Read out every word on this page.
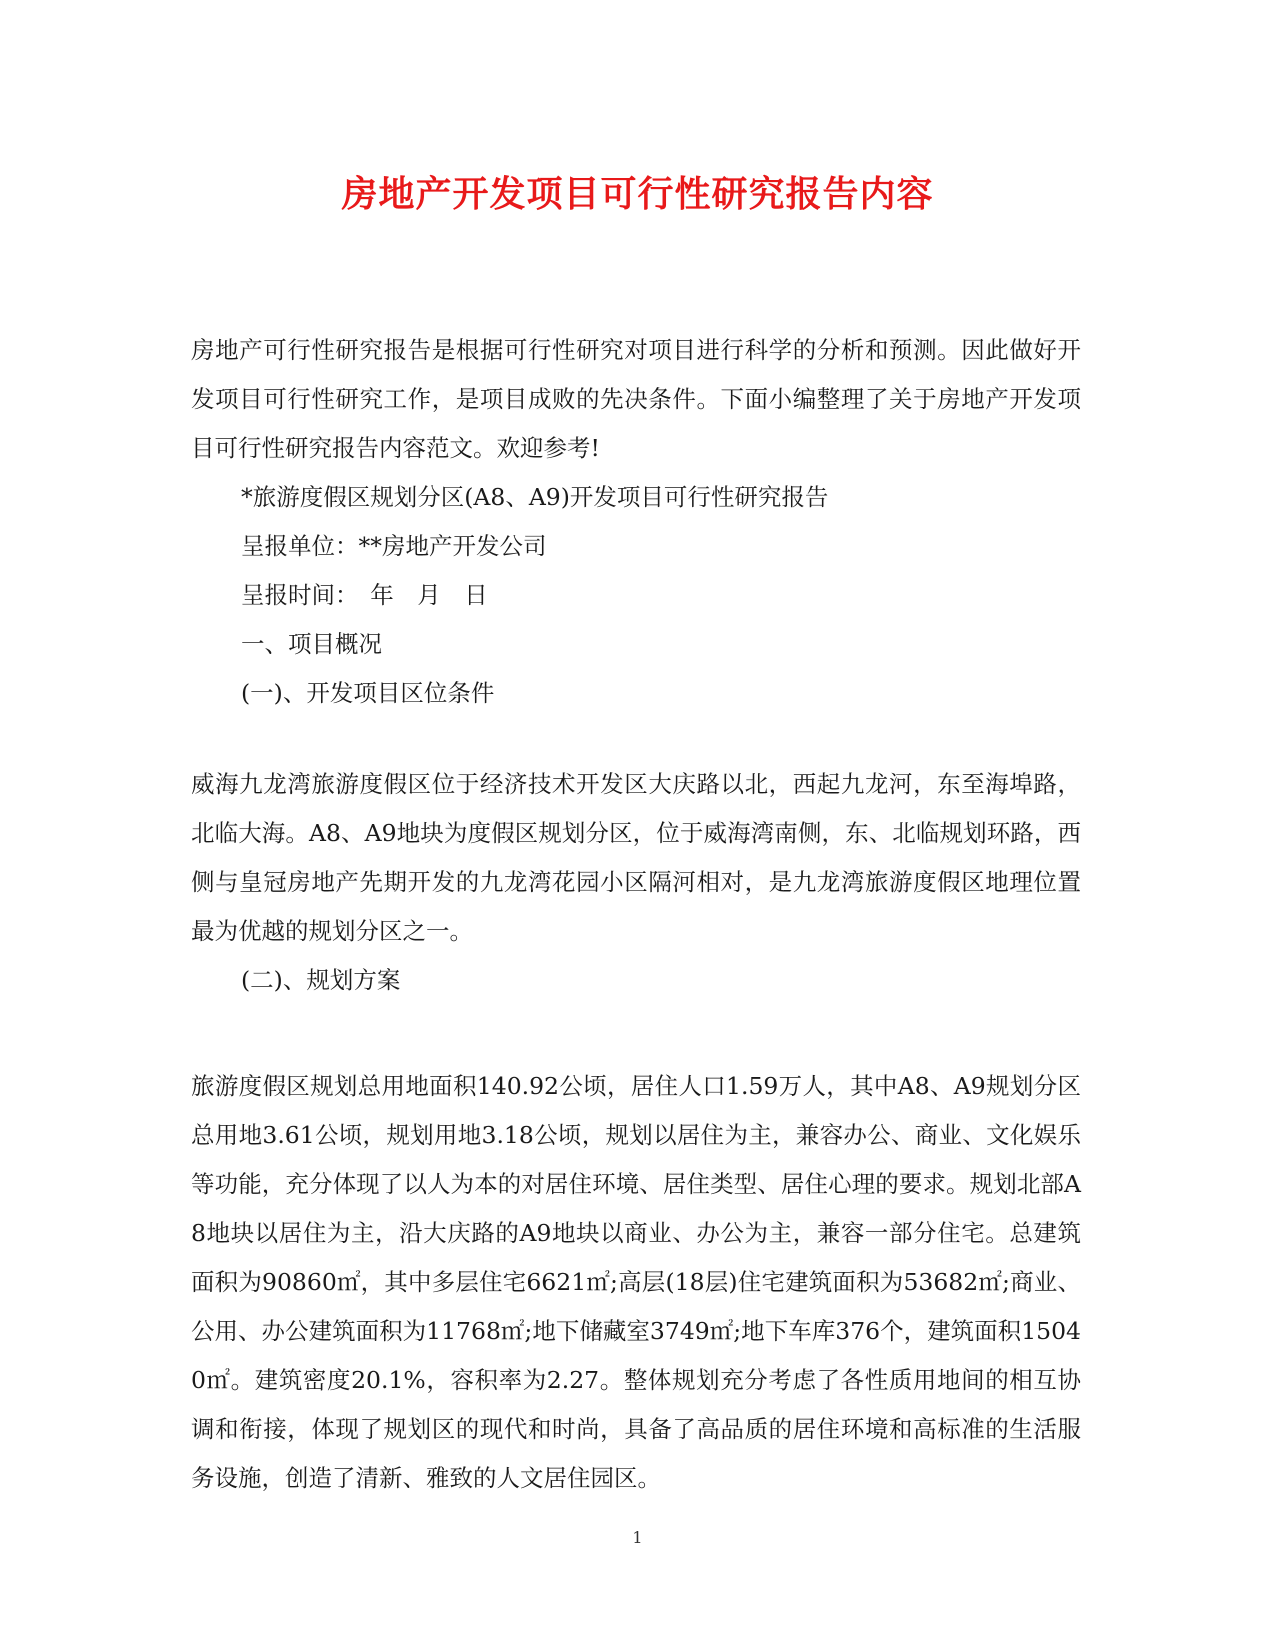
房地产开发项目可行性研究报告内容

房地产可行性研究报告是根据可行性研究对项目进行科学的分析和预测。因此做好开发项目可行性研究工作，是项目成败的先决条件。下面小编整理了关于房地产开发项目可行性研究报告内容范文。欢迎参考!

*旅游度假区规划分区(A8、A9)开发项目可行性研究报告

呈报单位：**房地产开发公司

呈报时间：　年　月　日

一、项目概况

(一)、开发项目区位条件

威海九龙湾旅游度假区位于经济技术开发区大庆路以北，西起九龙河，东至海埠路，北临大海。A8、A9地块为度假区规划分区，位于威海湾南侧，东、北临规划环路，西侧与皇冠房地产先期开发的九龙湾花园小区隔河相对，是九龙湾旅游度假区地理位置最为优越的规划分区之一。

(二)、规划方案

旅游度假区规划总用地面积140.92公顷，居住人口1.59万人，其中A8、A9规划分区总用地3.61公顷，规划用地3.18公顷，规划以居住为主，兼容办公、商业、文化娱乐等功能，充分体现了以人为本的对居住环境、居住类型、居住心理的要求。规划北部A8地块以居住为主，沿大庆路的A9地块以商业、办公为主，兼容一部分住宅。总建筑面积为90860㎡，其中多层住宅6621㎡;高层(18层)住宅建筑面积为53682㎡;商业、公用、办公建筑面积为11768㎡;地下储藏室3749㎡;地下车库376个，建筑面积15040㎡。建筑密度20.1%，容积率为2.27。整体规划充分考虑了各性质用地间的相互协调和衔接，体现了规划区的现代和时尚，具备了高品质的居住环境和高标准的生活服务设施，创造了清新、雅致的人文居住园区。

1
